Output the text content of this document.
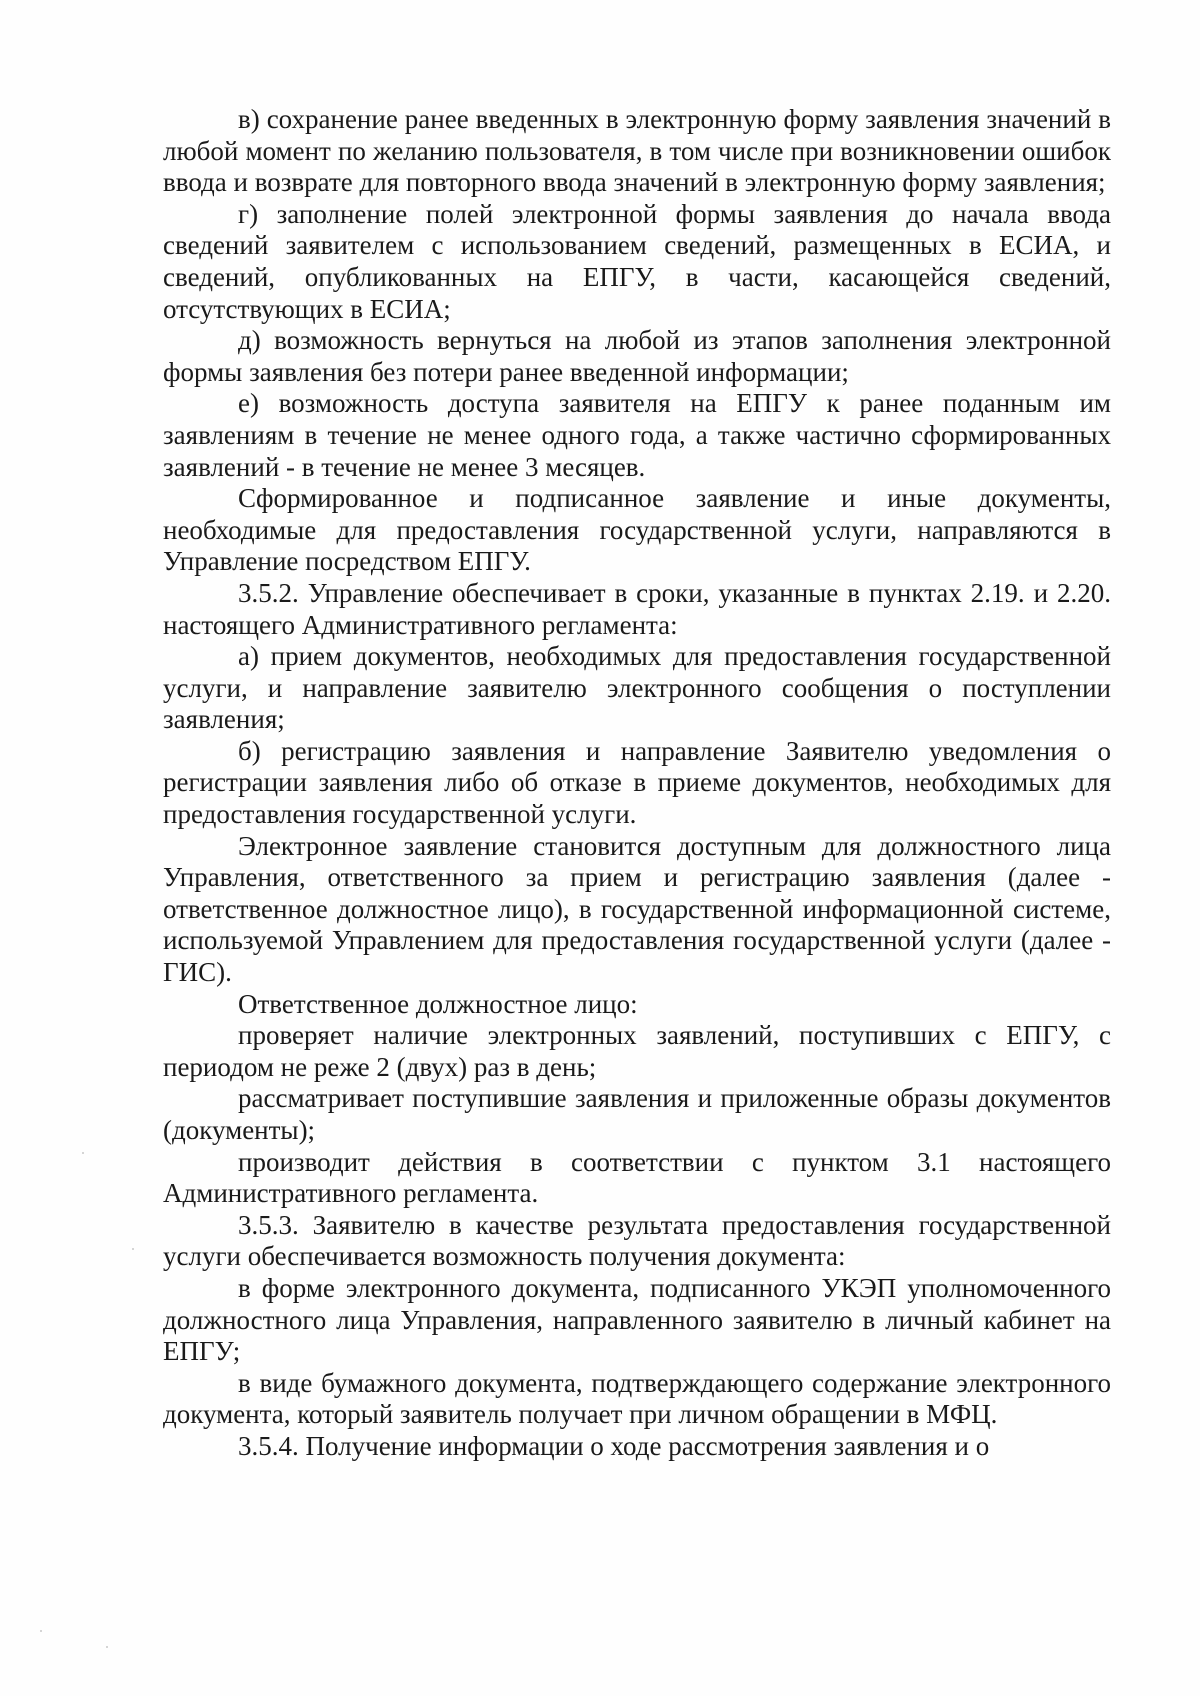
в) сохранение ранее введенных в электронную форму заявления значений в любой момент по желанию пользователя, в том числе при возникновении ошибок ввода и возврате для повторного ввода значений в электронную форму заявления;

г) заполнение полей электронной формы заявления до начала ввода сведений заявителем с использованием сведений, размещенных в ЕСИА, и сведений, опубликованных на ЕПГУ, в части, касающейся сведений, отсутствующих в ЕСИА;

д) возможность вернуться на любой из этапов заполнения электронной формы заявления без потери ранее введенной информации;

е) возможность доступа заявителя на ЕПГУ к ранее поданным им заявлениям в течение не менее одного года, а также частично сформированных заявлений - в течение не менее 3 месяцев.

Сформированное и подписанное заявление и иные документы, необходимые для предоставления государственной услуги, направляются в Управление посредством ЕПГУ.

3.5.2. Управление обеспечивает в сроки, указанные в пунктах 2.19. и 2.20. настоящего Административного регламента:

а) прием документов, необходимых для предоставления государственной услуги, и направление заявителю электронного сообщения о поступлении заявления;

б) регистрацию заявления и направление Заявителю уведомления о регистрации заявления либо об отказе в приеме документов, необходимых для предоставления государственной услуги.

Электронное заявление становится доступным для должностного лица Управления, ответственного за прием и регистрацию заявления (далее - ответственное должностное лицо), в государственной информационной системе, используемой Управлением для предоставления государственной услуги (далее - ГИС).

Ответственное должностное лицо:

проверяет наличие электронных заявлений, поступивших с ЕПГУ, с периодом не реже 2 (двух) раз в день;

рассматривает поступившие заявления и приложенные образы документов (документы);

производит действия в соответствии с пунктом 3.1 настоящего Административного регламента.

3.5.3. Заявителю в качестве результата предоставления государственной услуги обеспечивается возможность получения документа:

в форме электронного документа, подписанного УКЭП уполномоченного должностного лица Управления, направленного заявителю в личный кабинет на ЕПГУ;

в виде бумажного документа, подтверждающего содержание электронного документа, который заявитель получает при личном обращении в МФЦ.

3.5.4. Получение информации о ходе рассмотрения заявления и о
